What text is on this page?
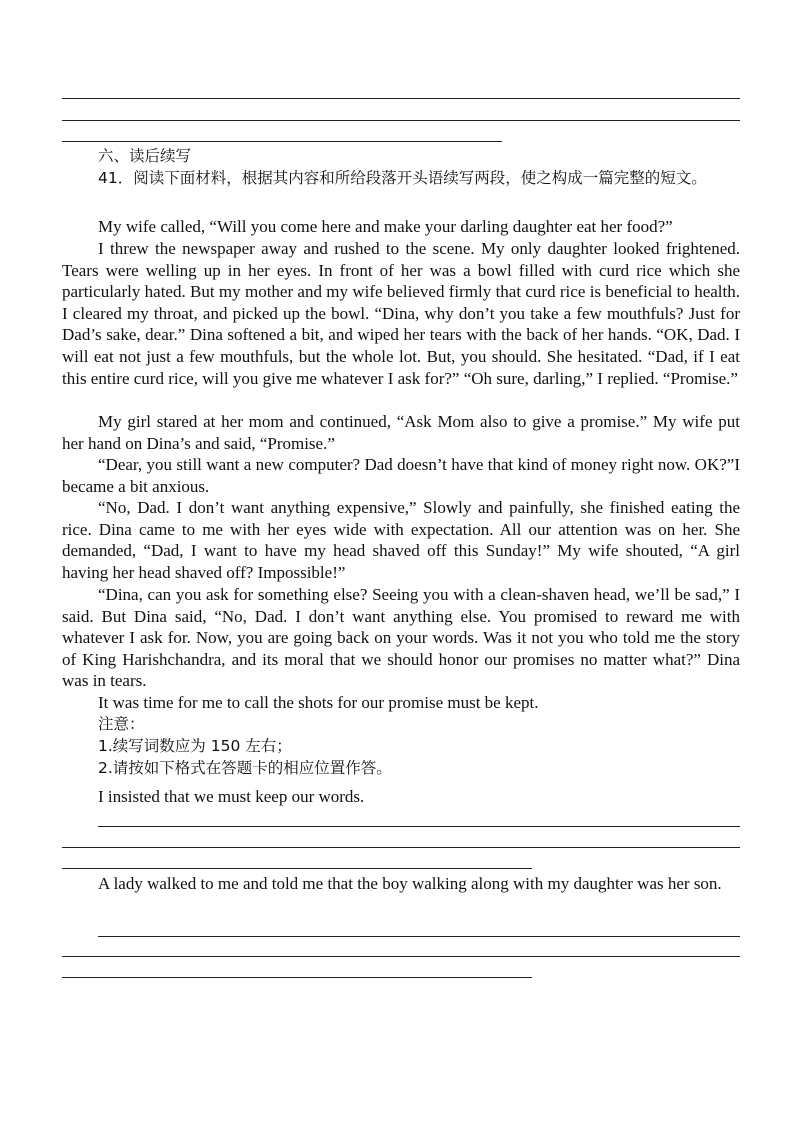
六、读后续写

41．阅读下面材料，根据其内容和所给段落开头语续写两段，使之构成一篇完整的短文。

My wife called, “Will you come here and make your darling daughter eat her food?”

I threw the newspaper away and rushed to the scene. My only daughter looked frightened. Tears were welling up in her eyes. In front of her was a bowl filled with curd rice which she particularly hated. But my mother and my wife believed firmly that curd rice is beneficial to health. I cleared my throat, and picked up the bowl. “Dina, why don’t you take a few mouthfuls? Just for Dad’s sake, dear.” Dina softened a bit, and wiped her tears with the back of her hands. “OK, Dad. I will eat not just a few mouthfuls, but the whole lot. But, you should. She hesitated. “Dad, if I eat this entire curd rice, will you give me whatever I ask for?” “Oh sure, darling,” I replied. “Promise.”

My girl stared at her mom and continued, “Ask Mom also to give a promise.” My wife put her hand on Dina’s and said, “Promise.”

“Dear, you still want a new computer? Dad doesn’t have that kind of money right now. OK?”I became a bit anxious.

“No, Dad. I don’t want anything expensive,” Slowly and painfully, she finished eating the rice. Dina came to me with her eyes wide with expectation. All our attention was on her. She demanded, “Dad, I want to have my head shaved off this Sunday!” My wife shouted, “A girl having her head shaved off? Impossible!”

“Dina, can you ask for something else? Seeing you with a clean-shaven head, we’ll be sad,” I said. But Dina said, “No, Dad. I don’t want anything else. You promised to reward me with whatever I ask for. Now, you are going back on your words. Was it not you who told me the story of King Harishchandra, and its moral that we should honor our promises no matter what?” Dina was in tears.

It was time for me to call the shots for our promise must be kept.

注意：

1.续写词数应为 150 左右；

2.请按如下格式在答题卡的相应位置作答。

I insisted that we must keep our words.

A lady walked to me and told me that the boy walking along with my daughter was her son.
